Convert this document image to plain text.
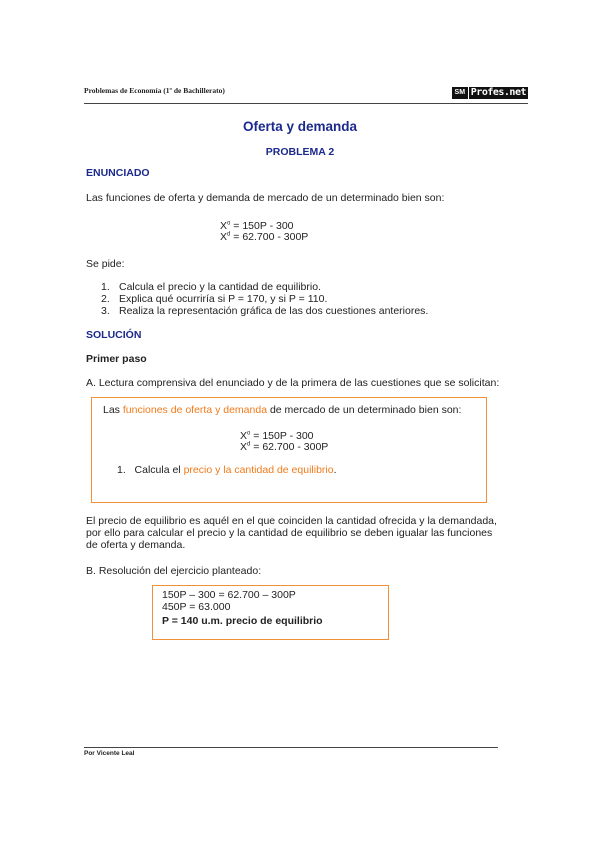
Problemas de Economía (1º de Bachillerato)	SM Profes.net
Oferta y demanda
PROBLEMA 2
ENUNCIADO
Las funciones de oferta y demanda de mercado de un determinado bien son:
$X^o = 150P - 300$
$X^d = 62.700 - 300P$
Se pide:
1. Calcula el precio y la cantidad de equilibrio.
2. Explica qué ocurriría si P = 170, y si P = 110.
3. Realiza la representación gráfica de las dos cuestiones anteriores.
SOLUCIÓN
Primer paso
A. Lectura comprensiva del enunciado y de la primera de las cuestiones que se solicitan:
Las funciones de oferta y demanda de mercado de un determinado bien son:
$X^o = 150P - 300$
$X^d = 62.700 - 300P$
1. Calcula el precio y la cantidad de equilibrio.
El precio de equilibrio es aquél en el que coinciden la cantidad ofrecida y la demandada,
por ello para calcular el precio y la cantidad de equilibrio se deben igualar las funciones
de oferta y demanda.
B. Resolución del ejercicio planteado:
150P – 300 = 62.700 – 300P
450P = 63.000
P = 140 u.m. precio de equilibrio
Por Vicente Leal
